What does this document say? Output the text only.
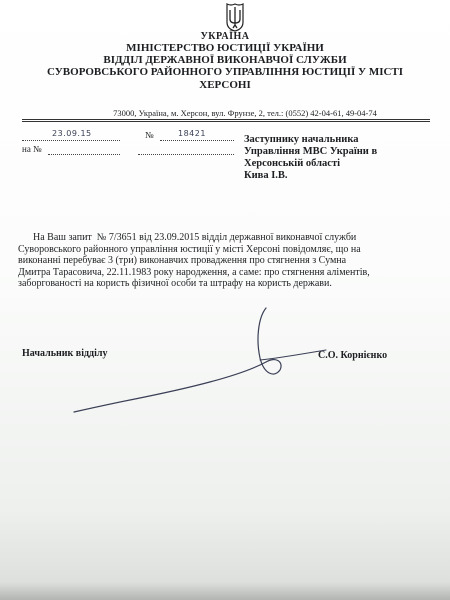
УКРАЇНА
МІНІСТЕРСТВО ЮСТИЦІЇ УКРАЇНИ
ВІДДІЛ ДЕРЖАВНОЇ ВИКОНАВЧОЇ СЛУЖБИ
СУВОРОВСЬКОГО РАЙОННОГО УПРАВЛІННЯ ЮСТИЦІЇ У МІСТІ
ХЕРСОНІ
73000, Україна, м. Херсон, вул. Фрунзе, 2, тел.: (0552) 42-04-61, 49-04-74
23.09.15	№	18421
на №
Заступнику начальника
Управління МВС України в
Херсонській області
Кива І.В.
На Ваш запит  № 7/3651 від 23.09.2015 відділ державної виконавчої служби
Суворовського районного управління юстиції у місті Херсоні повідомляє, що на
виконанні перебуває 3 (три) виконавчих провадження про стягнення з Сумна
Дмитра Тарасовича, 22.11.1983 року народження, а саме: про стягнення аліментів,
заборгованості на користь фізичної особи та штрафу на користь держави.
Начальник відділу	С.О. Корнієнко
